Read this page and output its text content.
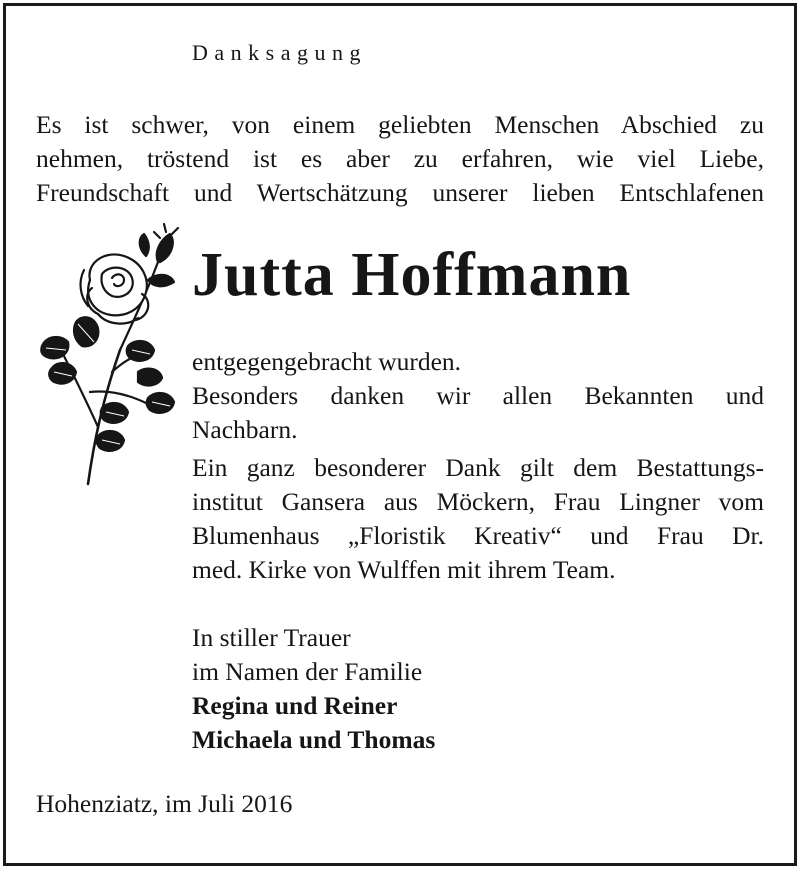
Danksagung
Es ist schwer, von einem geliebten Menschen Abschied zu
nehmen, tröstend ist es aber zu erfahren, wie viel Liebe,
Freundschaft und Wertschätzung unserer lieben Entschlafenen
Jutta Hoffmann
entgegengebracht wurden.
Besonders danken wir allen Bekannten und
Nachbarn.
Ein ganz besonderer Dank gilt dem Bestattungs-
institut Gansera aus Möckern, Frau Lingner vom
Blumenhaus „Floristik Kreativ“ und Frau Dr.
med. Kirke von Wulffen mit ihrem Team.
In stiller Trauer
im Namen der Familie
Regina und Reiner
Michaela und Thomas
Hohenziatz, im Juli 2016
